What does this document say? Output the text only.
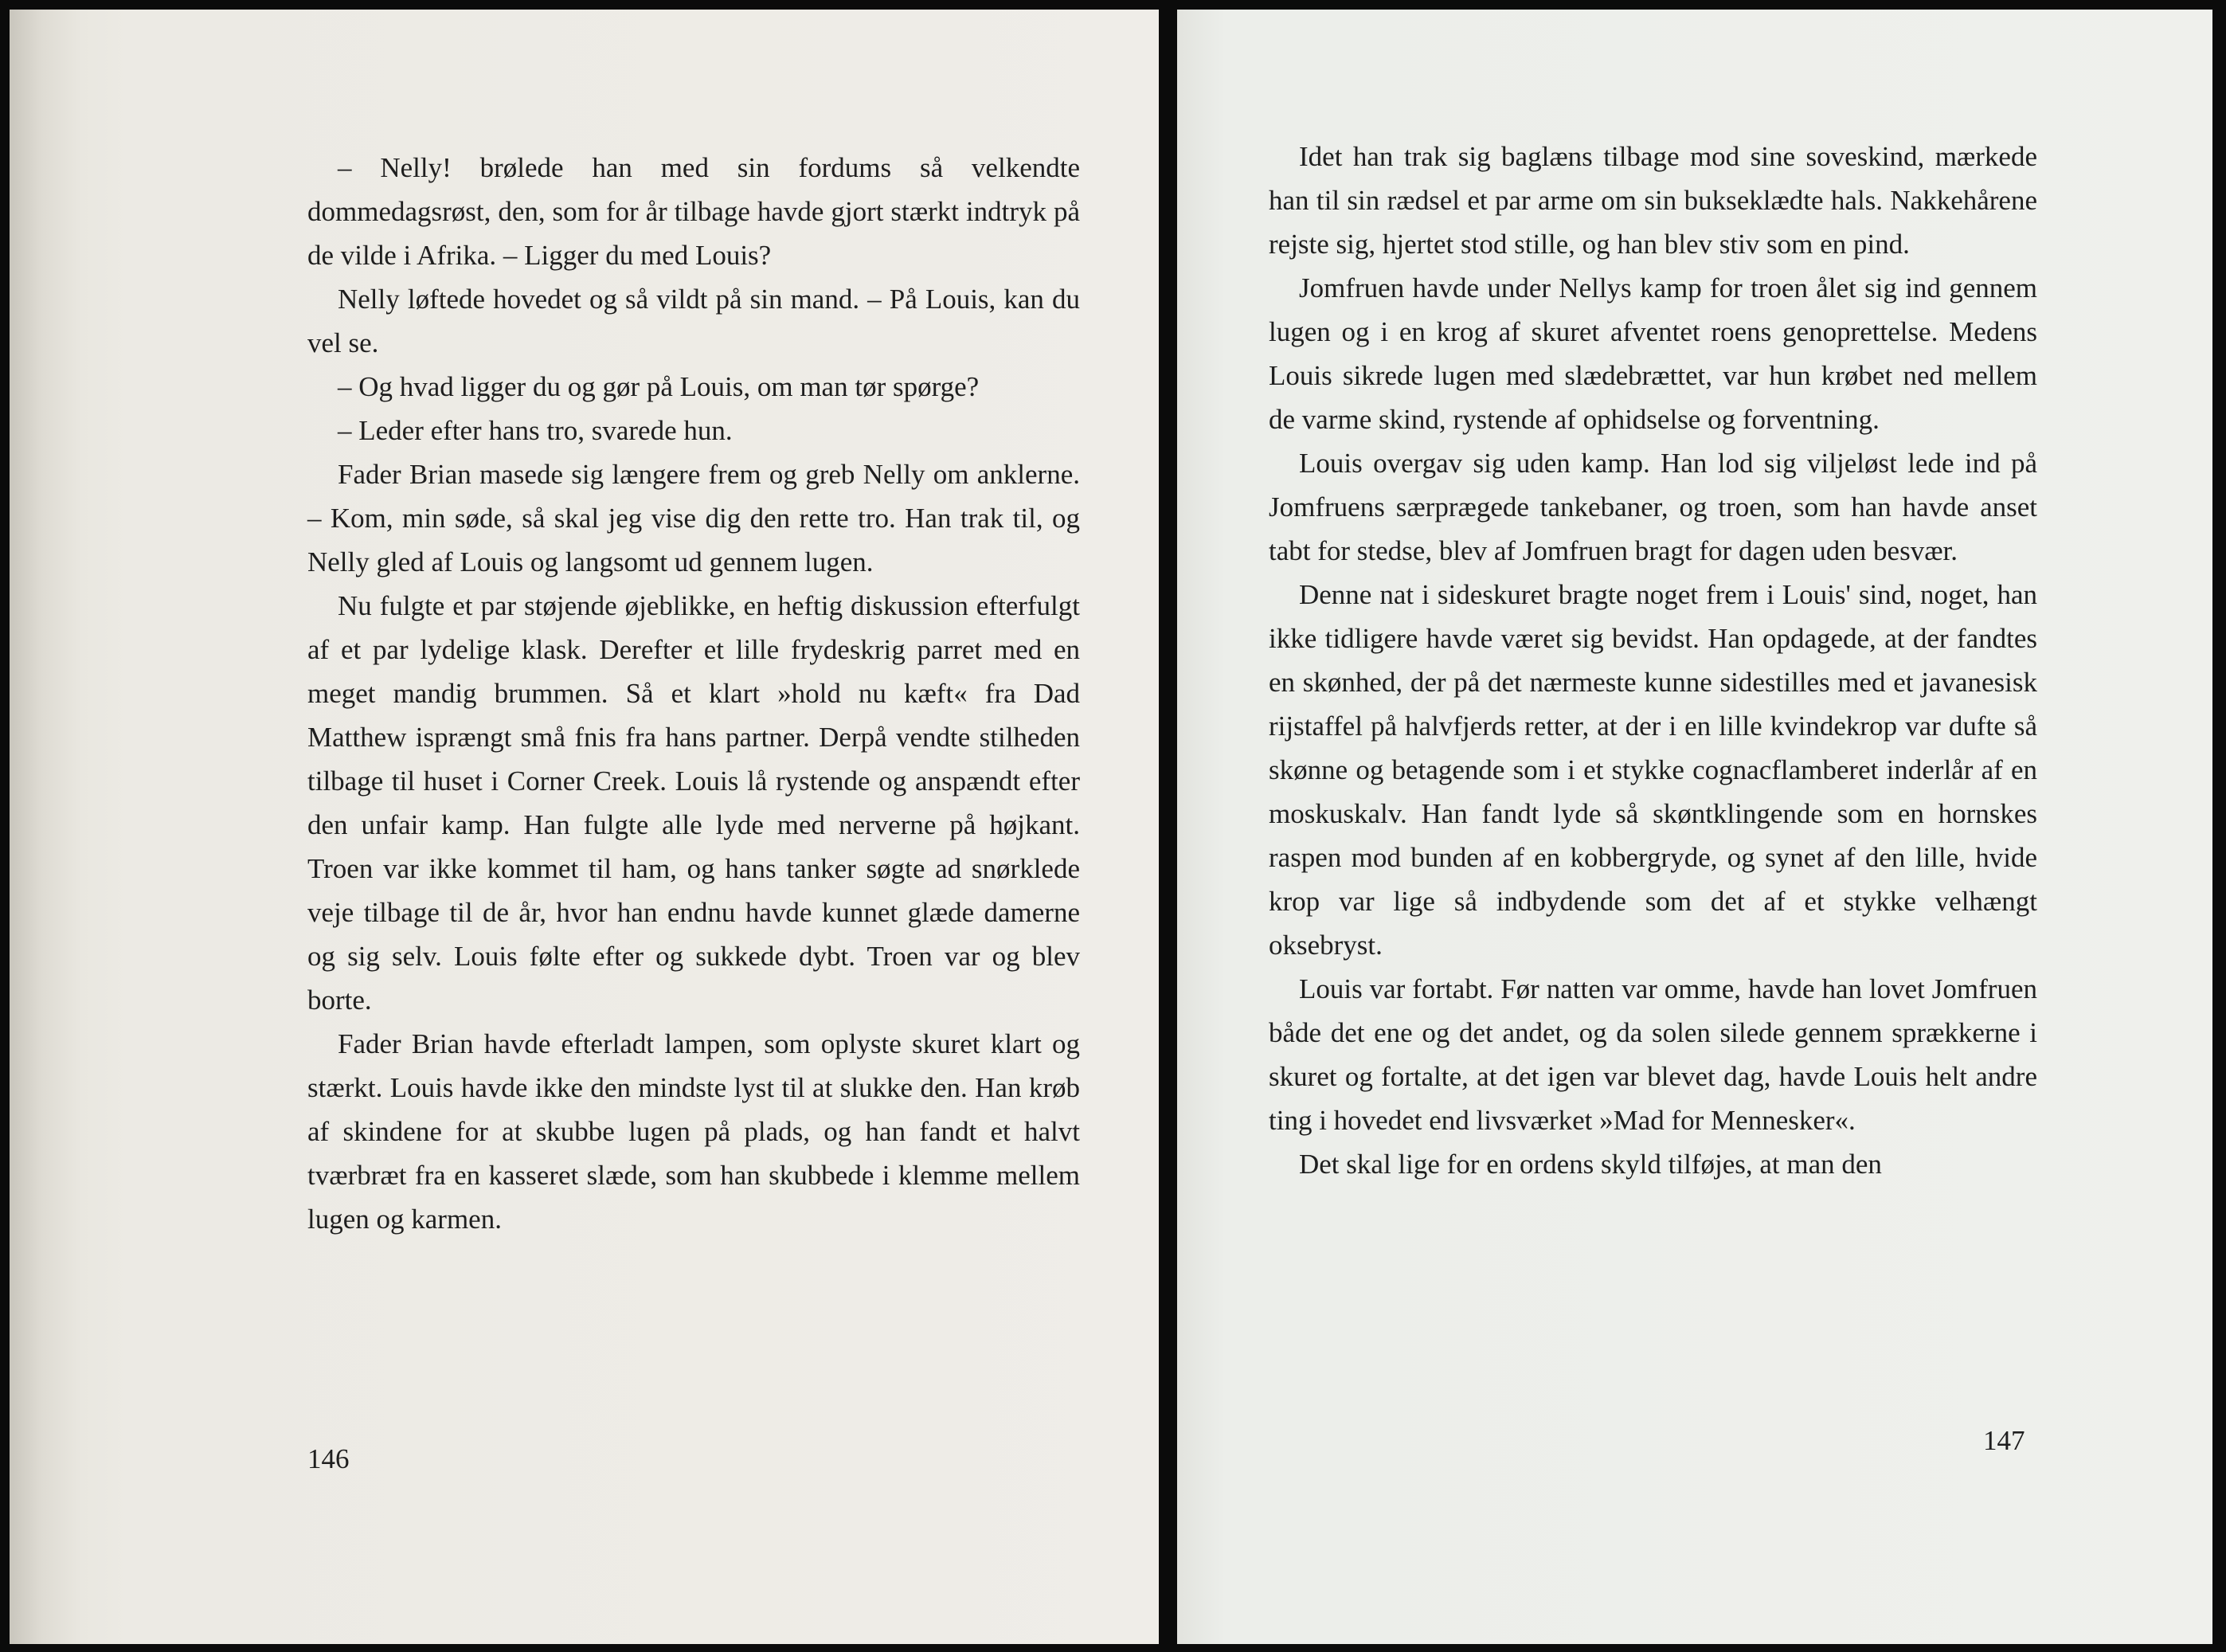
– Nelly! brølede han med sin fordums så velkendte dommedagsrøst, den, som for år tilbage havde gjort stærkt indtryk på de vilde i Afrika. – Ligger du med Louis?

Nelly løftede hovedet og så vildt på sin mand. – På Louis, kan du vel se.

– Og hvad ligger du og gør på Louis, om man tør spørge?

– Leder efter hans tro, svarede hun.

Fader Brian masede sig længere frem og greb Nelly om anklerne. – Kom, min søde, så skal jeg vise dig den rette tro. Han trak til, og Nelly gled af Louis og langsomt ud gennem lugen.

Nu fulgte et par støjende øjeblikke, en heftig diskussion efterfulgt af et par lydelige klask. Derefter et lille frydeskrig parret med en meget mandig brummen. Så et klart »hold nu kæft« fra Dad Matthew isprængt små fnis fra hans partner. Derpå vendte stilheden tilbage til huset i Corner Creek. Louis lå rystende og anspændt efter den unfair kamp. Han fulgte alle lyde med nerverne på højkant. Troen var ikke kommet til ham, og hans tanker søgte ad snørklede veje tilbage til de år, hvor han endnu havde kunnet glæde damerne og sig selv. Louis følte efter og sukkede dybt. Troen var og blev borte.

Fader Brian havde efterladt lampen, som oplyste skuret klart og stærkt. Louis havde ikke den mindste lyst til at slukke den. Han krøb af skindene for at skubbe lugen på plads, og han fandt et halvt tværbræt fra en kasseret slæde, som han skubbede i klemme mellem lugen og karmen.

146

Idet han trak sig baglæns tilbage mod sine soveskind, mærkede han til sin rædsel et par arme om sin bukseklædte hals. Nakkehårene rejste sig, hjertet stod stille, og han blev stiv som en pind.

Jomfruen havde under Nellys kamp for troen ålet sig ind gennem lugen og i en krog af skuret afventet roens genoprettelse. Medens Louis sikrede lugen med slædebrættet, var hun krøbet ned mellem de varme skind, rystende af ophidselse og forventning.

Louis overgav sig uden kamp. Han lod sig viljeløst lede ind på Jomfruens særprægede tankebaner, og troen, som han havde anset tabt for stedse, blev af Jomfruen bragt for dagen uden besvær.

Denne nat i sideskuret bragte noget frem i Louis' sind, noget, han ikke tidligere havde været sig bevidst. Han opdagede, at der fandtes en skønhed, der på det nærmeste kunne sidestilles med et javanesisk rijstaffel på halvfjerds retter, at der i en lille kvindekrop var dufte så skønne og betagende som i et stykke cognacflamberet inderlår af en moskuskalv. Han fandt lyde så skøntklingende som en hornskes raspen mod bunden af en kobbergryde, og synet af den lille, hvide krop var lige så indbydende som det af et stykke velhængt oksebryst.

Louis var fortabt. Før natten var omme, havde han lovet Jomfruen både det ene og det andet, og da solen silede gennem sprækkerne i skuret og fortalte, at det igen var blevet dag, havde Louis helt andre ting i hovedet end livsværket »Mad for Mennesker«.

Det skal lige for en ordens skyld tilføjes, at man den

147
